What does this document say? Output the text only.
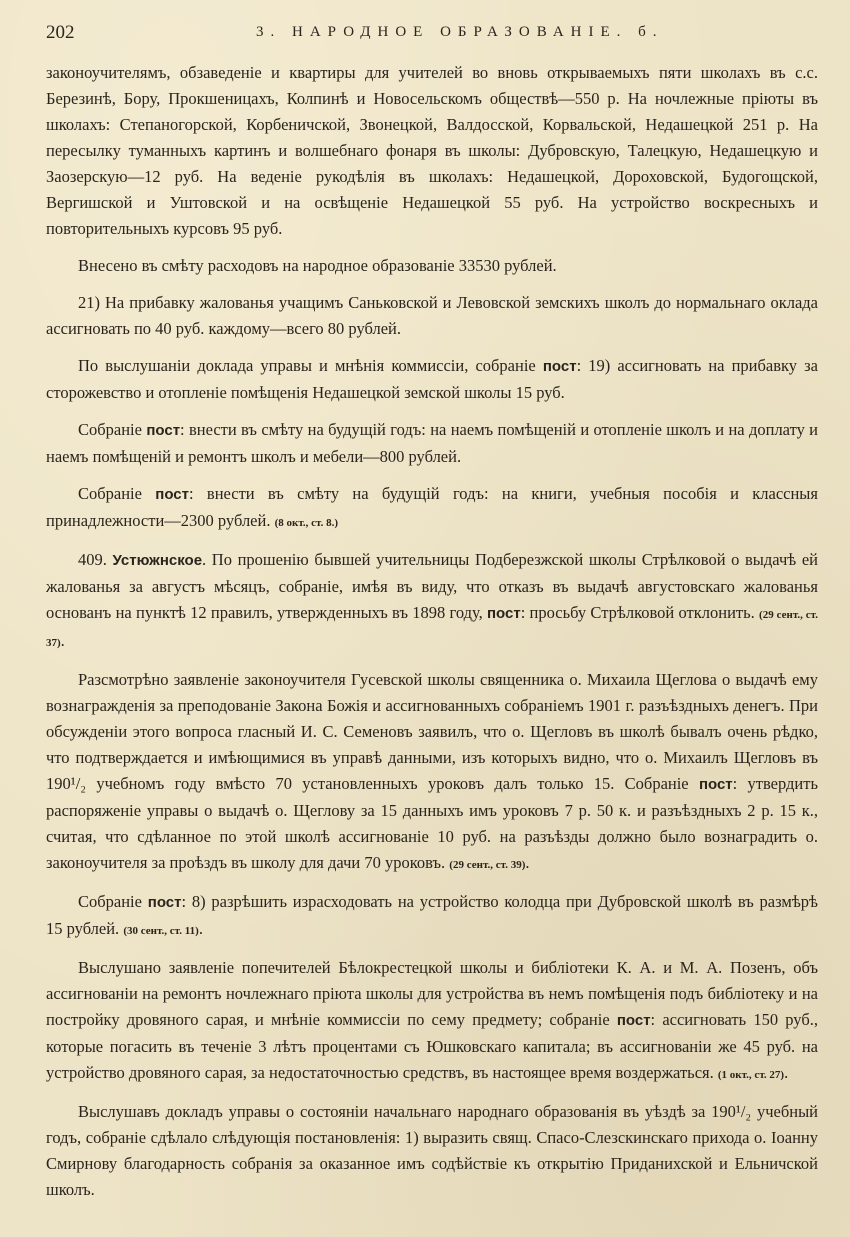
202	3. НАРОДНОЕ ОБРАЗОВАНІЕ. б.

законоучителямъ, обзаведеніе и квартиры для учителей во вновь открываемыхъ пяти школахъ въ с.с. Березинѣ, Бору, Прокшеницахъ, Колпинѣ и Новосельскомъ обществѣ—550 р. На ночлежные пріюты въ школахъ: Степаногорской, Корбеничской, Звонецкой, Валдосской, Корвальской, Недашецкой 251 р. На пересылку туманныхъ картинъ и волшебнаго фонаря въ школы: Дубровскую, Талецкую, Недашецкую и Заозерскую—12 руб. На веденіе рукодѣлія въ школахъ: Недашецкой, Дороховской, Будогощской, Вергишской и Уштовской и на освѣщеніе Недашецкой 55 руб. На устройство воскресныхъ и повторительныхъ курсовъ 95 руб.

Внесено въ смѣту расходовъ на народное образованіе 33530 рублей.

21) На прибавку жалованья учащимъ Саньковской и Левовской земскихъ школъ до нормальнаго оклада ассигновать по 40 руб. каждому—всего 80 рублей.

По выслушаніи доклада управы и мнѣнія коммиссіи, собраніе пост: 19) ассигновать на прибавку за сторожевство и отопленіе помѣщенія Недашецкой земской школы 15 руб.

Собраніе пост: внести въ смѣту на будущій годъ: на наемъ помѣщеній и отопленіе школъ и на доплату и наемъ помѣщеній и ремонтъ школъ и мебели—800 рублей.

Собраніе пост: внести въ смѣту на будущій годъ: на книги, учебныя пособія и классныя принадлежности—2300 рублей. (8 окт., ст. 8.)

409. Устюжнское. По прошенію бывшей учительницы Подберезжской школы Стрѣлковой о выдачѣ ей жалованья за августъ мѣсяцъ, собраніе, имѣя въ виду, что отказъ въ выдачѣ августовскаго жалованья основанъ на пунктѣ 12 правилъ, утвержденныхъ въ 1898 году, пост: просьбу Стрѣлковой отклонить. (29 сент., ст. 37).

Разсмотрѣно заявленіе законоучителя Гусевской школы священника о. Михаила Щеглова о выдачѣ ему вознагражденія за преподованіе Закона Божія и ассигнованныхъ собраніемъ 1901 г. разъѣздныхъ денегъ. При обсужденіи этого вопроса гласный И. С. Семеновъ заявилъ, что о. Щегловъ въ школѣ бывалъ очень рѣдко, что подтверждается и имѣющимися въ управѣ данными, изъ которыхъ видно, что о. Михаилъ Щегловъ въ 190¹/₂ учебномъ году вмѣсто 70 установленныхъ уроковъ далъ только 15. Собраніе пост: утвердить распоряженіе управы о выдачѣ о. Щеглову за 15 данныхъ имъ уроковъ 7 р. 50 к. и разъѣздныхъ 2 р. 15 к., считая, что сдѣланное по этой школѣ ассигнованіе 10 руб. на разъѣзды должно было вознаградить о. законоучителя за проѣздъ въ школу для дачи 70 уроковъ. (29 сент., ст. 39).

Собраніе пост: 8) разрѣшить израсходовать на устройство колодца при Дубровской школѣ въ размѣрѣ 15 рублей. (30 сент., ст. 11).

Выслушано заявленіе попечителей Бѣлокрестецкой школы и библіотеки К. А. и М. А. Позенъ, объ ассигнованіи на ремонтъ ночлежнаго пріюта школы для устройства въ немъ помѣщенія подъ библіотеку и на постройку дровяного сарая, и мнѣніе коммиссіи по сему предмету; собраніе пост: ассигновать 150 руб., которые погасить въ теченіе 3 лѣтъ процентами съ Юшковскаго капитала; въ ассигнованіи же 45 руб. на устройство дровяного сарая, за недостаточностью средствъ, въ настоящее время воздержаться. (1 окт., ст. 27).

Выслушавъ докладъ управы о состояніи начальнаго народнаго образованія въ уѣздѣ за 190¹/₂ учебный годъ, собраніе сдѣлало слѣдующія постановленія: 1) выразить свящ. Спасо-Слезскинскаго прихода о. Іоанну Смирнову благодарность собранія за оказанное имъ содѣйствіе къ открытію Приданихской и Ельничской школъ.
